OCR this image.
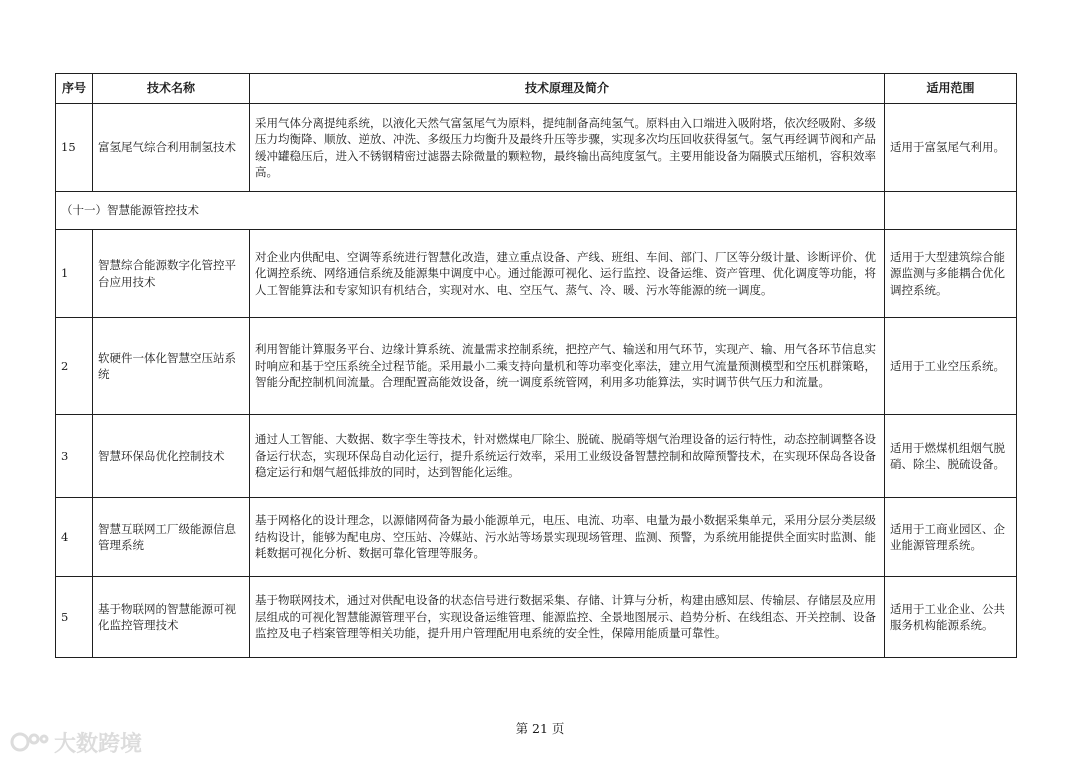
序号	技术名称	技术原理及简介	适用范围
15	富氢尾气综合利用制氢技术	采用气体分离提纯系统，以液化天然气富氢尾气为原料，提纯制备高纯氢气。原料由入口端进入吸附塔，依次经吸附、多级压力均衡降、顺放、逆放、冲洗、多级压力均衡升及最终升压等步骤，实现多次均压回收获得氢气。氢气再经调节阀和产品缓冲罐稳压后，进入不锈钢精密过滤器去除微量的颗粒物，最终输出高纯度氢气。主要用能设备为隔膜式压缩机，容积效率高。	适用于富氢尾气利用。
（十一）智慧能源管控技术			
1	智慧综合能源数字化管控平台应用技术	对企业内供配电、空调等系统进行智慧化改造，建立重点设备、产线、班组、车间、部门、厂区等分级计量、诊断评价、优化调控系统、网络通信系统及能源集中调度中心。通过能源可视化、运行监控、设备运维、资产管理、优化调度等功能，将人工智能算法和专家知识有机结合，实现对水、电、空压气、蒸气、冷、暖、污水等能源的统一调度。	适用于大型建筑综合能源监测与多能耦合优化调控系统。
2	软硬件一体化智慧空压站系统	利用智能计算服务平台、边缘计算系统、流量需求控制系统，把控产气、输送和用气环节，实现产、输、用气各环节信息实时响应和基于空压系统全过程节能。采用最小二乘支持向量机和等功率变化率法，建立用气流量预测模型和空压机群策略，智能分配控制机间流量。合理配置高能效设备，统一调度系统管网，利用多功能算法，实时调节供气压力和流量。	适用于工业空压系统。
3	智慧环保岛优化控制技术	通过人工智能、大数据、数字孪生等技术，针对燃煤电厂除尘、脱硫、脱硝等烟气治理设备的运行特性，动态控制调整各设备运行状态，实现环保岛自动化运行，提升系统运行效率，采用工业级设备智慧控制和故障预警技术，在实现环保岛各设备稳定运行和烟气超低排放的同时，达到智能化运维。	适用于燃煤机组烟气脱硝、除尘、脱硫设备。
4	智慧互联网工厂级能源信息管理系统	基于网格化的设计理念，以源储网荷备为最小能源单元，电压、电流、功率、电量为最小数据采集单元，采用分层分类层级结构设计，能够为配电房、空压站、冷媒站、污水站等场景实现现场管理、监测、预警，为系统用能提供全面实时监测、能耗数据可视化分析、数据可靠化管理等服务。	适用于工商业园区、企业能源管理系统。
5	基于物联网的智慧能源可视化监控管理技术	基于物联网技术，通过对供配电设备的状态信号进行数据采集、存储、计算与分析，构建由感知层、传输层、存储层及应用层组成的可视化智慧能源管理平台，实现设备运维管理、能源监控、全景地图展示、趋势分析、在线组态、开关控制、设备监控及电子档案管理等相关功能，提升用户管理配用电系统的安全性，保障用能质量可靠性。	适用于工业企业、公共服务机构能源系统。
第 21 页
大数跨境
